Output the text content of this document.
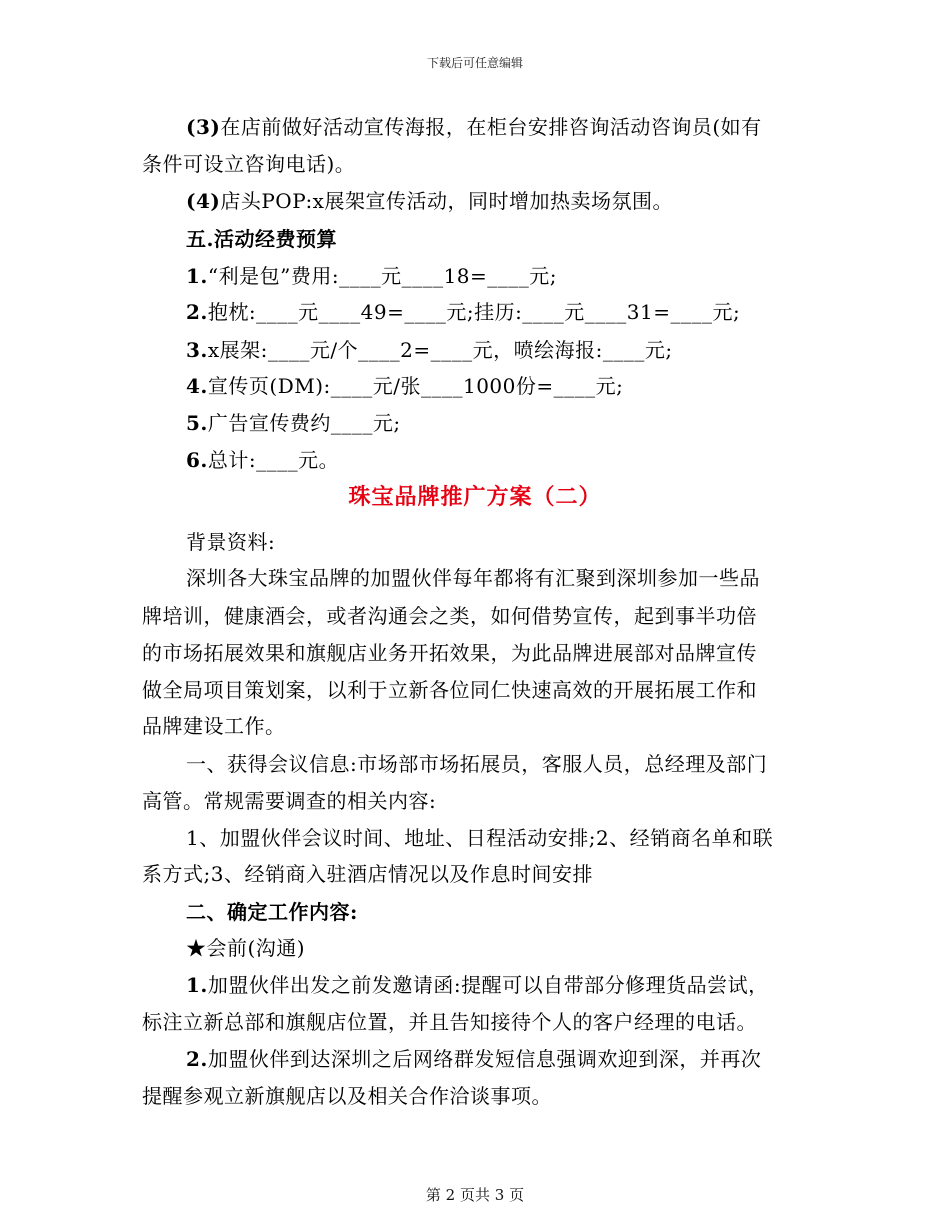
下载后可任意编辑
(3)在店前做好活动宣传海报，在柜台安排咨询活动咨询员(如有
条件可设立咨询电话)。
(4)店头POP:x展架宣传活动，同时增加热卖场氛围。
五.活动经费预算
1.“利是包”费用:____元____18=____元;
2.抱枕:____元____49=____元;挂历:____元____31=____元;
3.x展架:____元/个____2=____元，喷绘海报:____元;
4.宣传页(DM):____元/张____1000份=____元;
5.广告宣传费约____元;
6.总计:____元。
珠宝品牌推广方案（二）
背景资料:
深圳各大珠宝品牌的加盟伙伴每年都将有汇聚到深圳参加一些品
牌培训，健康酒会，或者沟通会之类，如何借势宣传，起到事半功倍
的市场拓展效果和旗舰店业务开拓效果，为此品牌进展部对品牌宣传
做全局项目策划案，以利于立新各位同仁快速高效的开展拓展工作和
品牌建设工作。
一、获得会议信息:市场部市场拓展员，客服人员，总经理及部门
高管。常规需要调查的相关内容:
1、加盟伙伴会议时间、地址、日程活动安排;2、经销商名单和联
系方式;3、经销商入驻酒店情况以及作息时间安排
二、确定工作内容:
★会前(沟通)
1.加盟伙伴出发之前发邀请函:提醒可以自带部分修理货品尝试，
标注立新总部和旗舰店位置，并且告知接待个人的客户经理的电话。
2.加盟伙伴到达深圳之后网络群发短信息强调欢迎到深，并再次
提醒参观立新旗舰店以及相关合作洽谈事项。
第 2 页共 3 页
